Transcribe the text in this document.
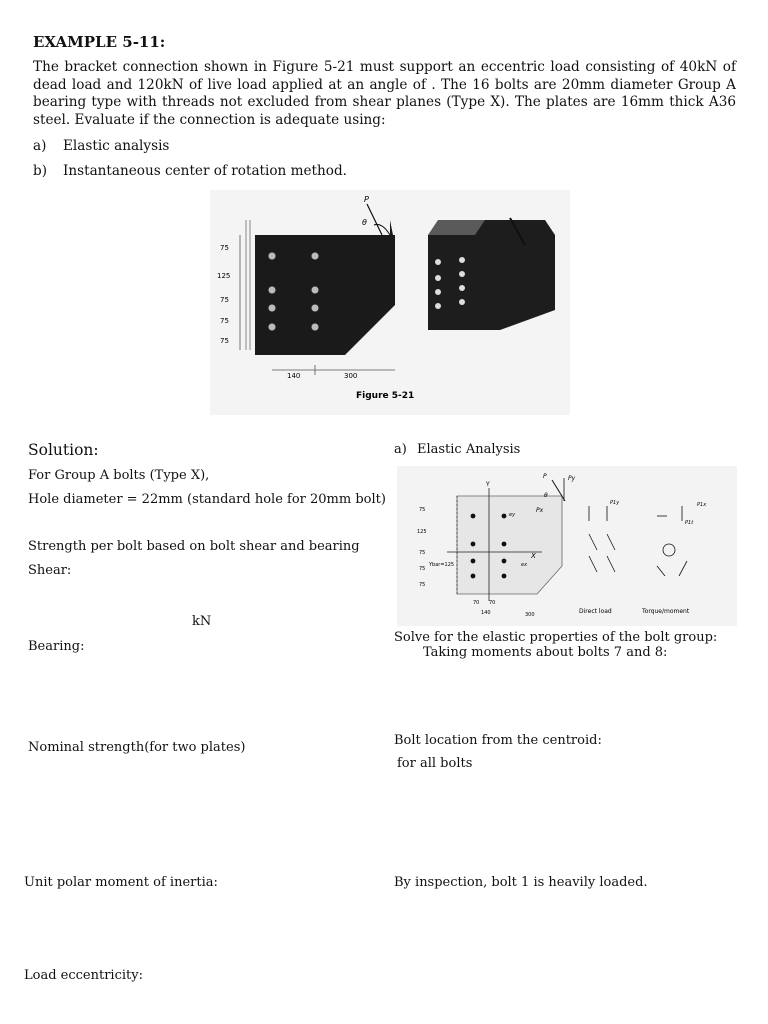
EXAMPLE 5-11:
The bracket connection shown in Figure 5-21 must support an eccentric load consisting of 40kN of dead load and 120kN of live load applied at an angle of . The 16 bolts are 20mm diameter Group A bearing type with threads not excluded from shear planes (Type X). The plates are 16mm thick A36 steel. Evaluate if the connection is adequate using:
a) Elastic analysis
b) Instantaneous center of rotation method.
P
θ
75
125
75
75
75
140	300
Figure 5-21
Solution:
For Group A bolts (Type X),
Hole diameter = 22mm (standard hole for 20mm bolt)
Strength per bolt based on bolt shear and bearing
Shear:
kN
Bearing:
Nominal strength(for two plates)
Unit polar moment of inertia:
Load eccentricity:
a) Elastic Analysis
Y
X
ey
ex
Ybar=125
P	Py
Px
θ
75
125
75
75
75
70 70
140	300
P1x
P1y
P1t
Direct load	Torque/moment
Solve for the elastic properties of the bolt group:
Taking moments about bolts 7 and 8:
Bolt location from the centroid:
for all bolts
By inspection, bolt 1 is heavily loaded.
